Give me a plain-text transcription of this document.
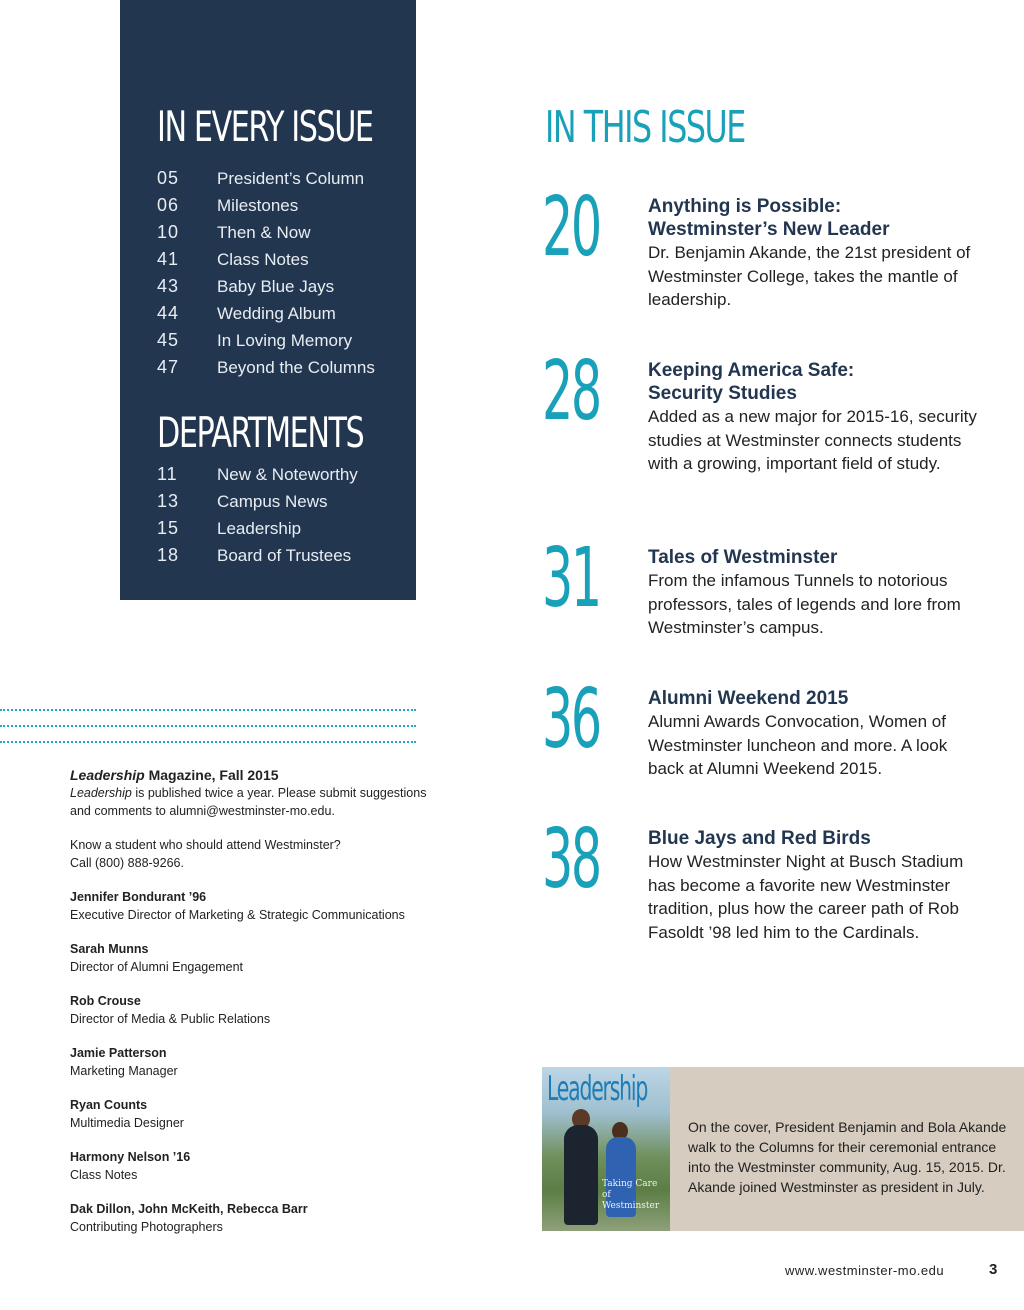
IN EVERY ISSUE
05	President’s Column
06	Milestones
10	Then & Now
41	Class Notes
43	Baby Blue Jays
44	Wedding Album
45	In Loving Memory
47	Beyond the Columns
DEPARTMENTS
11	New & Noteworthy
13	Campus News
15	Leadership
18	Board of Trustees

Leadership Magazine, Fall 2015

Leadership is published twice a year. Please submit suggestions and comments to alumni@westminster-mo.edu.

Know a student who should attend Westminster?

Call (800) 888-9266.

Jennifer Bondurant ’96
Executive Director of Marketing & Strategic Communications
Sarah Munns
Director of Alumni Engagement
Rob Crouse
Director of Media & Public Relations
Jamie Patterson
Marketing Manager
Ryan Counts
Multimedia Designer
Harmony Nelson ’16
Class Notes
Dak Dillon, John McKeith, Rebecca Barr
Contributing Photographers
IN THIS ISSUE
20	Anything is Possible:

Westminster’s New Leader

Dr. Benjamin Akande, the 21st president of Westminster College, takes the mantle of leadership.

28	Keeping America Safe:

Security Studies

Added as a new major for 2015-16, security studies at Westminster connects students with a growing, important field of study.

31	Tales of Westminster

From the infamous Tunnels to notorious professors, tales of legends and lore from Westminster’s campus.

36	Alumni Weekend 2015

Alumni Awards Convocation, Women of Westminster luncheon and more. A look back at Alumni Weekend 2015.

38	Blue Jays and Red Birds

How Westminster Night at Busch Stadium has become a favorite new Westminster tradition, plus how the career path of Rob Fasoldt ’98 led him to the Cardinals.

Leadership
Taking Care of Westminster
On the cover, President Benjamin and Bola Akande walk to the Columns for their ceremonial entrance into the Westminster community, Aug. 15, 2015. Dr. Akande joined Westminster as president in July.
www.westminster-mo.edu	3
